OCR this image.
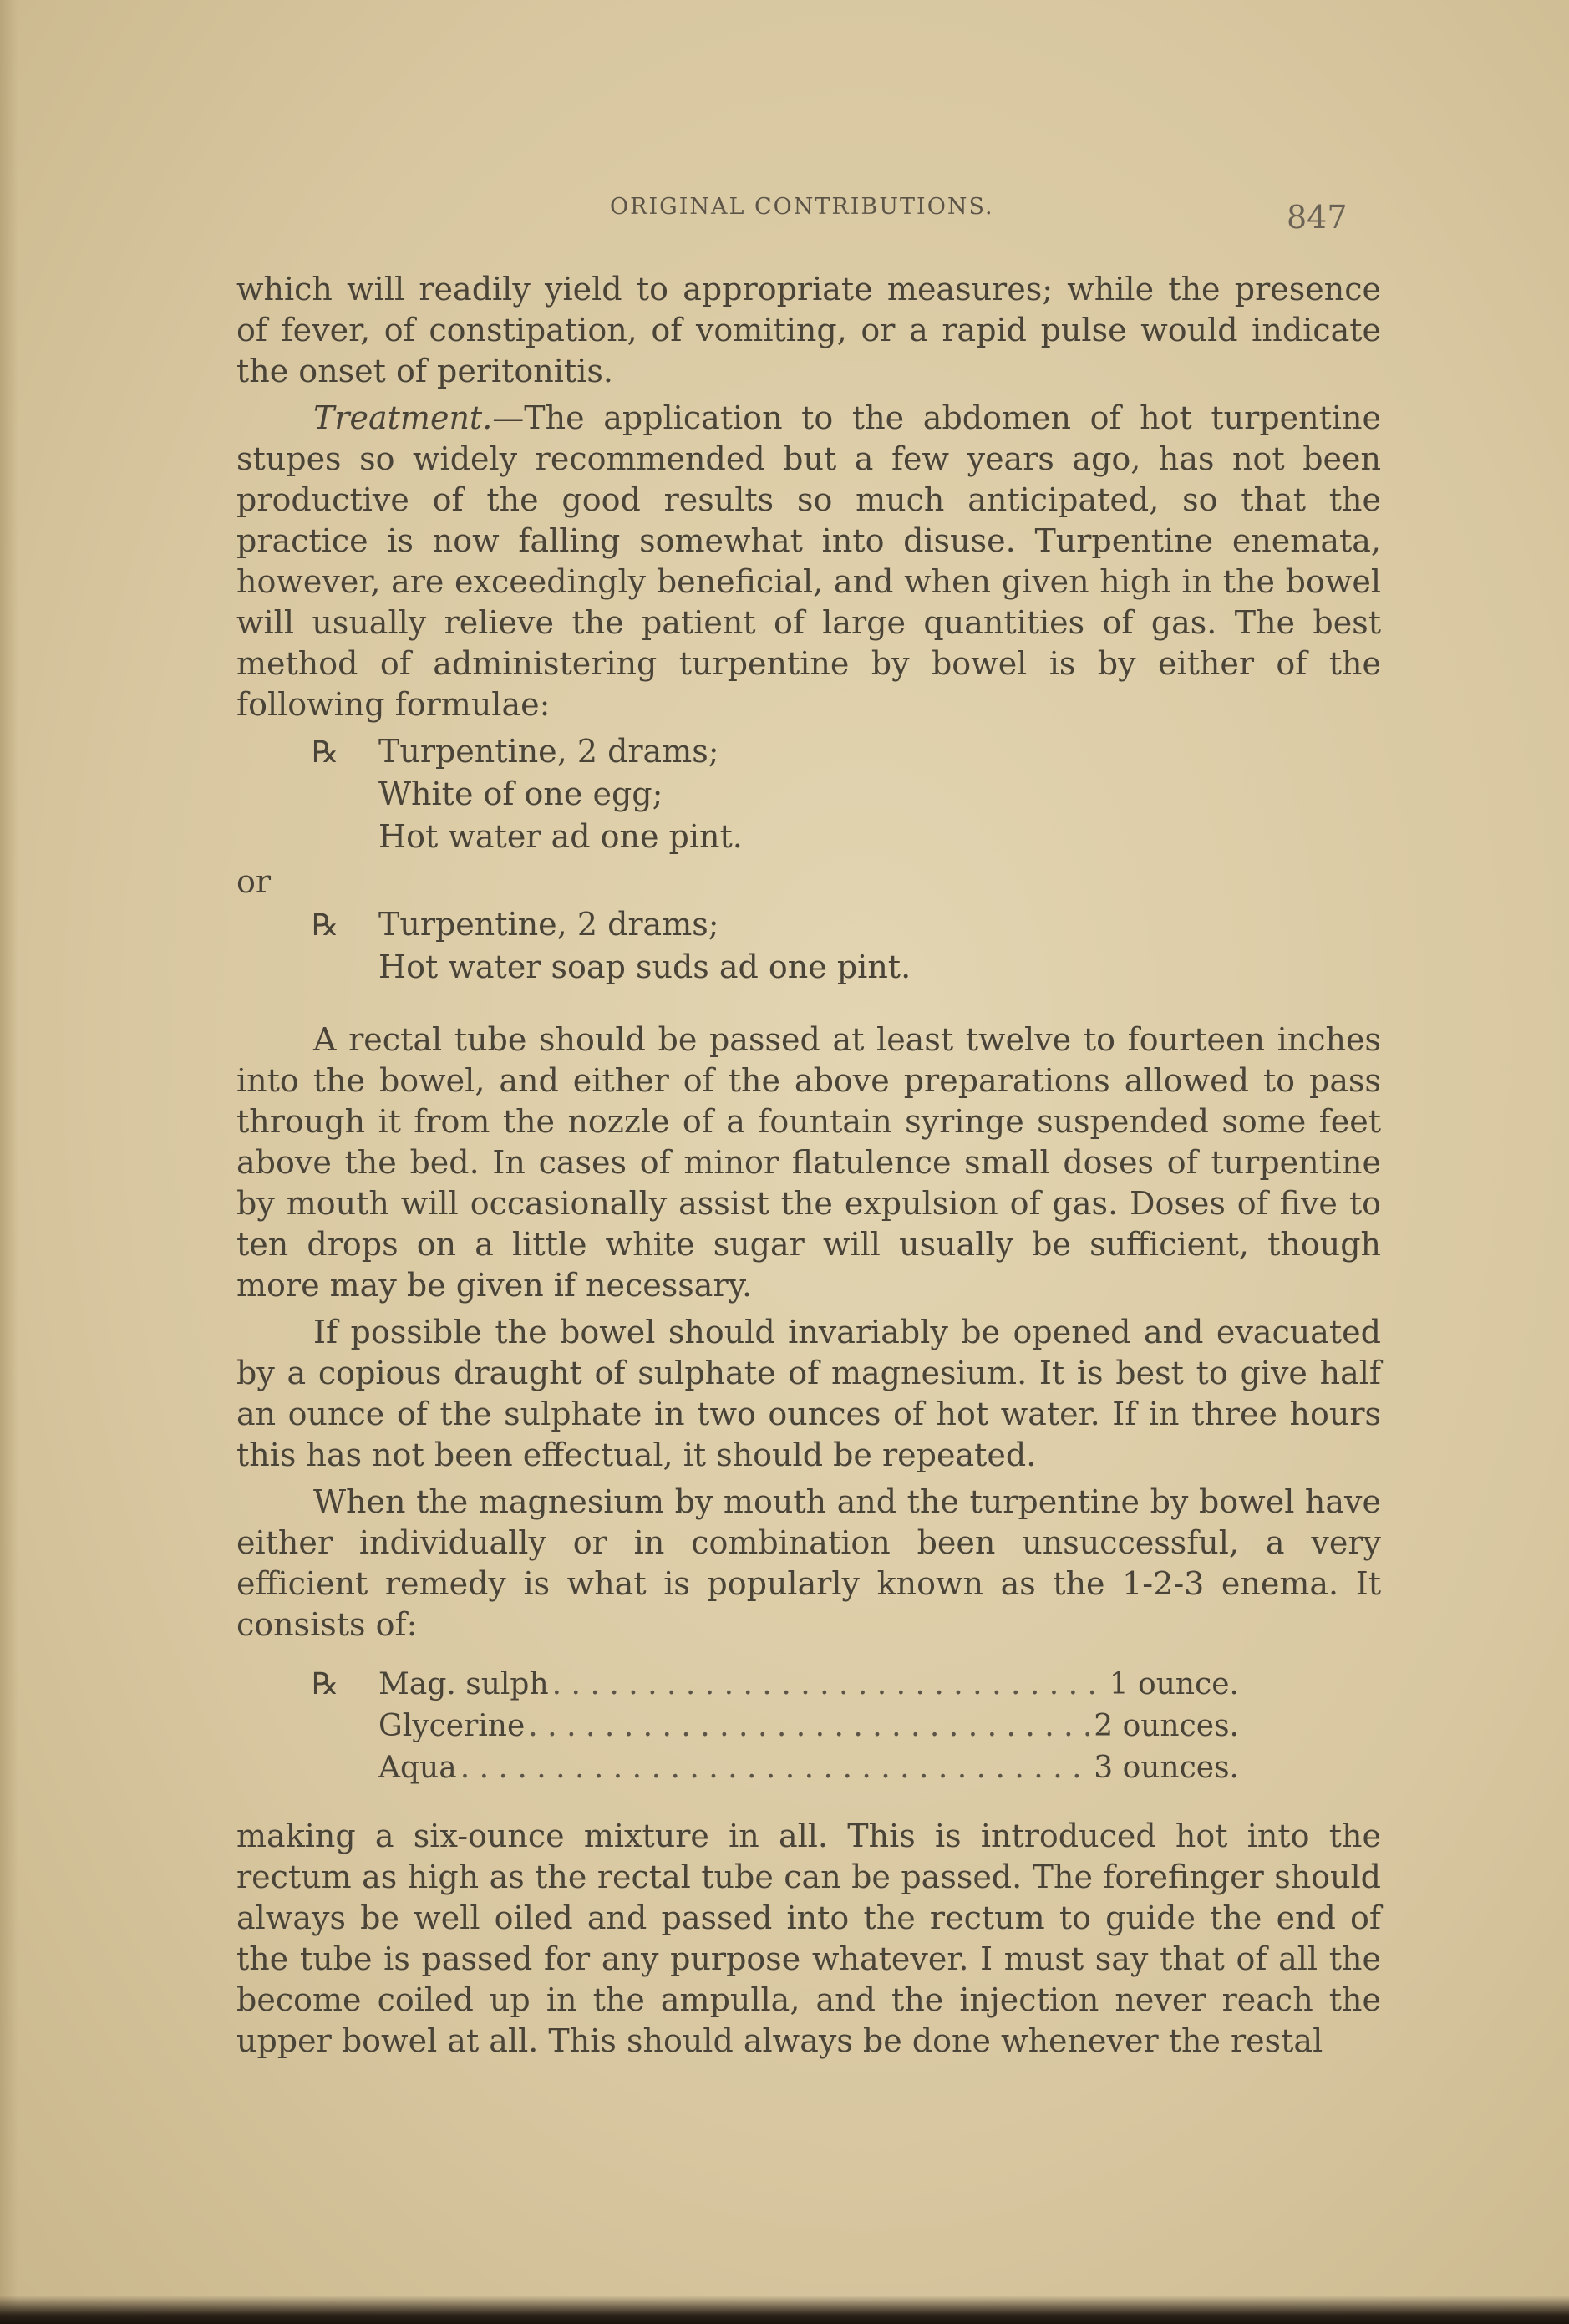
ORIGINAL CONTRIBUTIONS.	847

which will readily yield to appropriate measures; while the presence of fever, of constipation, of vomiting, or a rapid pulse would indicate the onset of peritonitis.

Treatment.—The application to the abdomen of hot turpentine stupes so widely recommended but a few years ago, has not been productive of the good results so much anticipated, so that the practice is now falling somewhat into disuse. Turpentine enemata, however, are exceedingly beneficial, and when given high in the bowel will usually relieve the patient of large quantities of gas. The best method of administering turpentine by bowel is by either of the following formulae:

℞	Turpentine, 2 drams;
White of one egg;
Hot water ad one pint.
or
℞	Turpentine, 2 drams;
Hot water soap suds ad one pint.

A rectal tube should be passed at least twelve to fourteen inches into the bowel, and either of the above preparations allowed to pass through it from the nozzle of a fountain syringe suspended some feet above the bed. In cases of minor flatulence small doses of turpentine by mouth will occasionally assist the expulsion of gas. Doses of five to ten drops on a little white sugar will usually be sufficient, though more may be given if necessary.

If possible the bowel should invariably be opened and evacuated by a copious draught of sulphate of magnesium. It is best to give half an ounce of the sulphate in two ounces of hot water. If in three hours this has not been effectual, it should be repeated.

When the magnesium by mouth and the turpentine by bowel have either individually or in combination been unsuccessful, a very efficient remedy is what is popularly known as the 1-2-3 enema. It consists of:

℞	Mag. sulph . . .	1 ounce.
Glycerine . . .	2 ounces.
Aqua . . .	3 ounces.

making a six-ounce mixture in all. This is introduced hot into the rectum as high as the rectal tube can be passed. The forefinger should always be well oiled and passed into the rectum to guide the end of the tube is passed for any purpose whatever. I must say that of all the become coiled up in the ampulla, and the injection never reach the upper bowel at all. This should always be done whenever the restal
